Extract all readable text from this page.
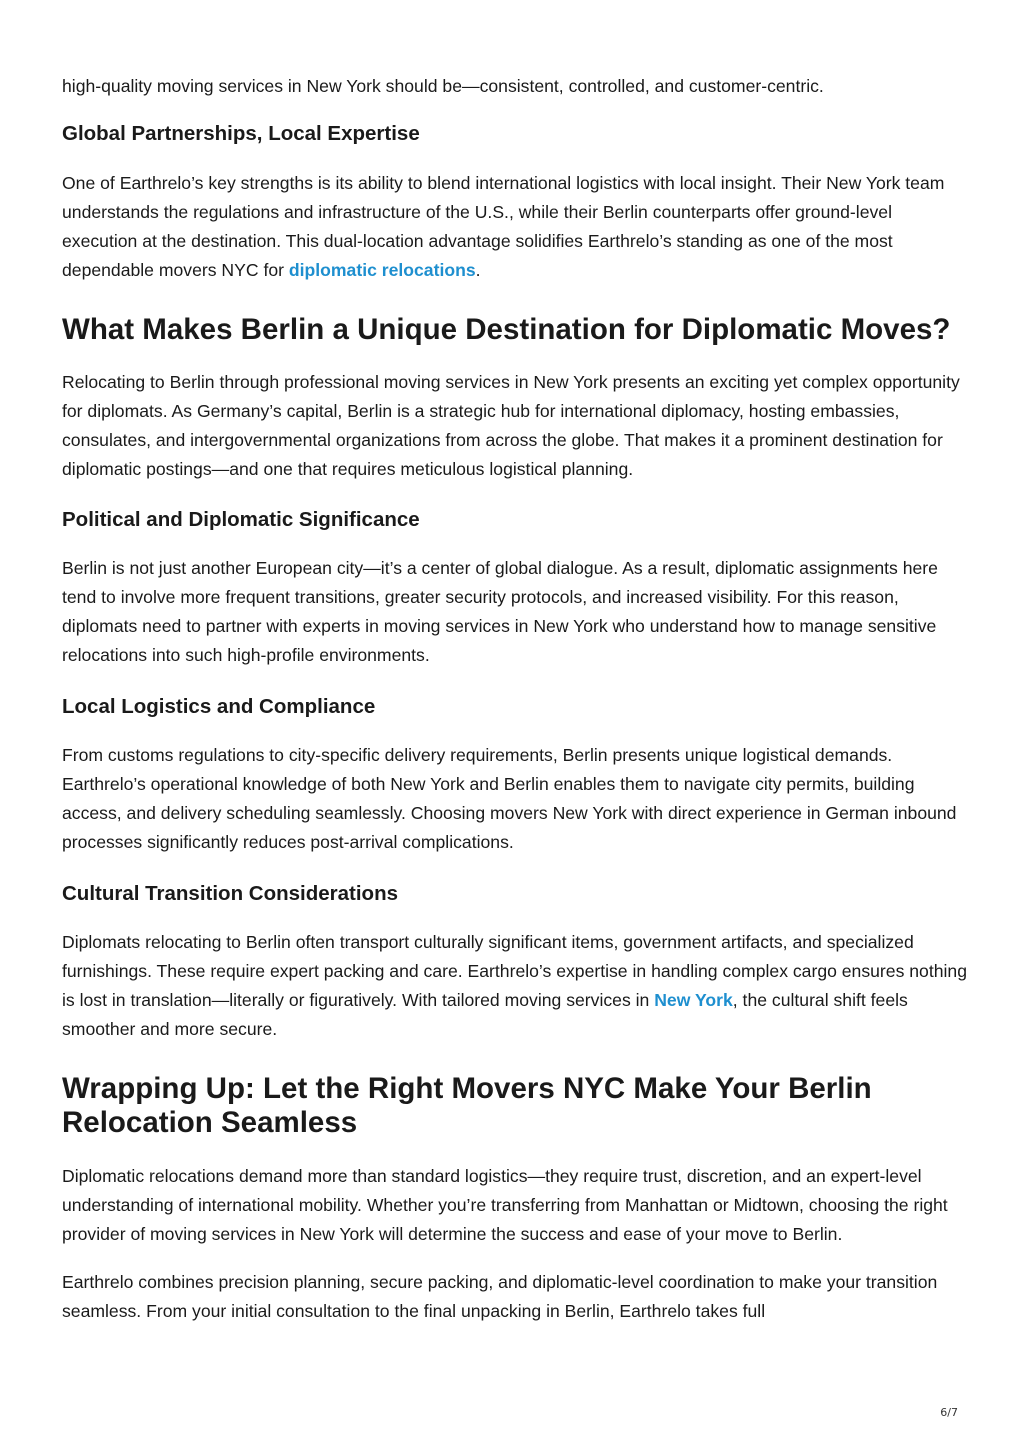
high-quality moving services in New York should be—consistent, controlled, and customer-centric.

Global Partnerships, Local Expertise

One of Earthrelo’s key strengths is its ability to blend international logistics with local insight. Their New York team understands the regulations and infrastructure of the U.S., while their Berlin counterparts offer ground-level execution at the destination. This dual-location advantage solidifies Earthrelo’s standing as one of the most dependable movers NYC for diplomatic relocations.

What Makes Berlin a Unique Destination for Diplomatic Moves?

Relocating to Berlin through professional moving services in New York presents an exciting yet complex opportunity for diplomats. As Germany’s capital, Berlin is a strategic hub for international diplomacy, hosting embassies, consulates, and intergovernmental organizations from across the globe. That makes it a prominent destination for diplomatic postings—and one that requires meticulous logistical planning.

Political and Diplomatic Significance

Berlin is not just another European city—it’s a center of global dialogue. As a result, diplomatic assignments here tend to involve more frequent transitions, greater security protocols, and increased visibility. For this reason, diplomats need to partner with experts in moving services in New York who understand how to manage sensitive relocations into such high-profile environments.

Local Logistics and Compliance

From customs regulations to city-specific delivery requirements, Berlin presents unique logistical demands. Earthrelo’s operational knowledge of both New York and Berlin enables them to navigate city permits, building access, and delivery scheduling seamlessly. Choosing movers New York with direct experience in German inbound processes significantly reduces post-arrival complications.

Cultural Transition Considerations

Diplomats relocating to Berlin often transport culturally significant items, government artifacts, and specialized furnishings. These require expert packing and care. Earthrelo’s expertise in handling complex cargo ensures nothing is lost in translation—literally or figuratively. With tailored moving services in New York, the cultural shift feels smoother and more secure.

Wrapping Up: Let the Right Movers NYC Make Your Berlin Relocation Seamless

Diplomatic relocations demand more than standard logistics—they require trust, discretion, and an expert-level understanding of international mobility. Whether you’re transferring from Manhattan or Midtown, choosing the right provider of moving services in New York will determine the success and ease of your move to Berlin.

Earthrelo combines precision planning, secure packing, and diplomatic-level coordination to make your transition seamless. From your initial consultation to the final unpacking in Berlin, Earthrelo takes full

6/7
